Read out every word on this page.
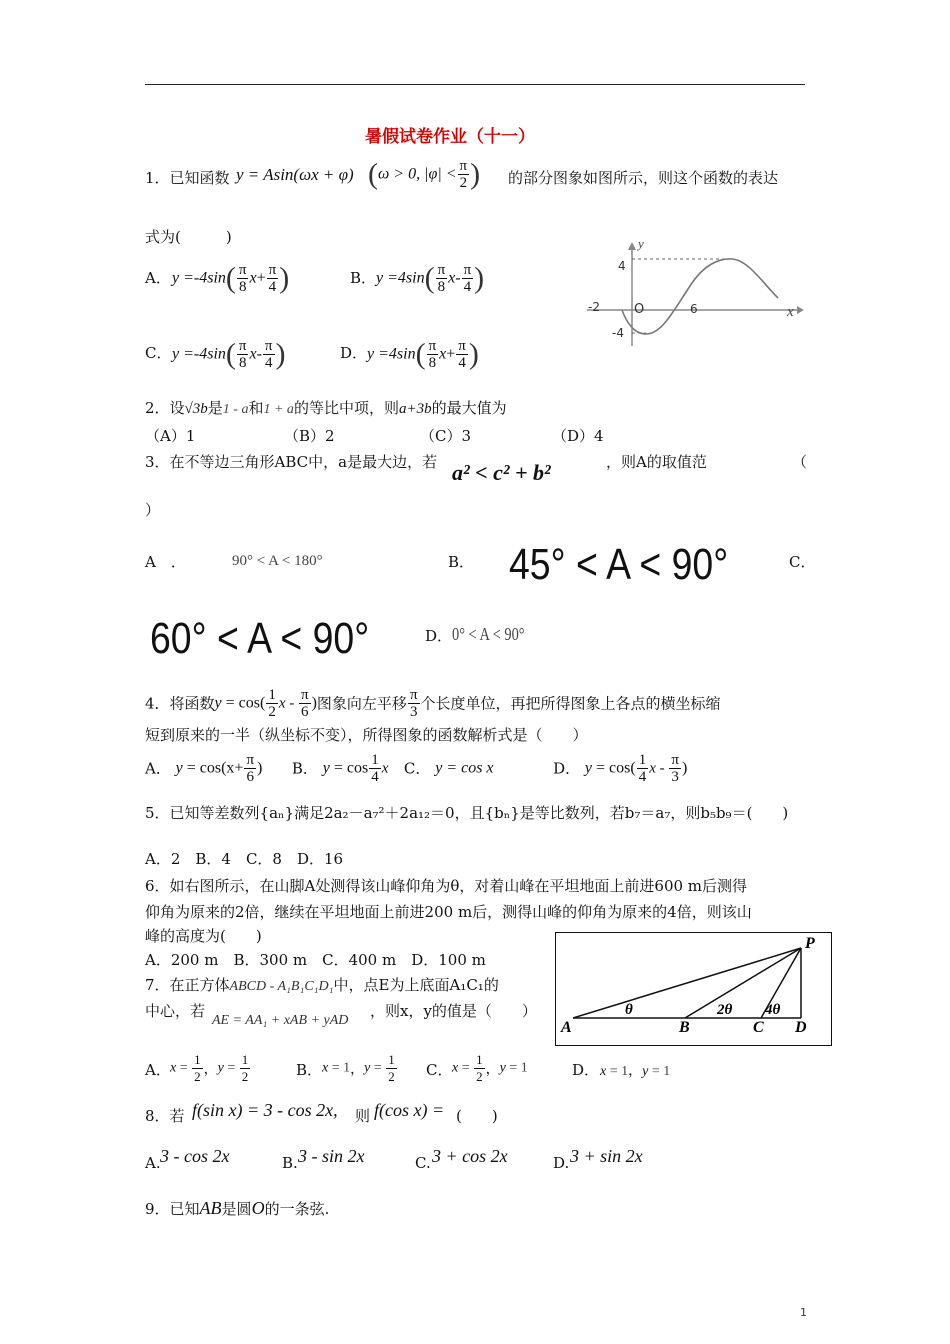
暑假试卷作业（十一）
1．已知函数 y = Asin(ωx + φ) (ω > 0, $|\varphi| < \frac{\pi}{2}$ ) 的部分图象如图所示，则这个函数的表达
式为(　　　)
A． $y =-4\sin( \frac{\pi}{8} x+ \frac{\pi}{4}$ )	B． $y =4\sin( \frac{\pi}{8} x- \frac{\pi}{4}$ )
C． $y =-4\sin( \frac{\pi}{8} x- \frac{\pi}{4}$ )	D． $y =4\sin( \frac{\pi}{8} x+ \frac{\pi}{4}$ )
y
x
4
-4
-2	O	6
2．设√3b是1 - a和1 + a的等比中项，则a+3b的最大值为
（A）1	（B）2	（C）3	（D）4
3．在不等边三角形ABC中，a是最大边，若 a² < c² + b²	，则A的取值范	（
）
A　．	90° < A < 180°	B． 45° < A < 90°	C．
60° < A < 90°	D． 0° < A < 90°
4．将函数$y = \cos( \frac{1}{2}$ x - $\frac{\pi}{6}$ )图象向左平移 $\frac{\pi}{3}$ 个长度单位，再把所得图象上各点的横坐标缩
短到原来的一半（纵坐标不变），所得图象的函数解析式是（　　）
A． $y = \cos(x+ \frac{\pi}{6}$ ) B． $y = \cos \frac{1}{4}$ x C． y = cos x	D． $y = \cos( \frac{1}{4}$ x - $\frac{\pi}{3}$ )
5．已知等差数列{aₙ}满足2a₂－a₇²＋2a₁₂＝0，且{bₙ}是等比数列，若b₇＝a₇，则b₅b₉＝(　　)
A．2　B．4　C．8　D．16
6．如右图所示，在山脚A处测得该山峰仰角为θ，对着山峰在平坦地面上前进600 m后测得
仰角为原来的2倍，继续在平坦地面上前进200 m后，测得山峰的仰角为原来的4倍，则该山
峰的高度为(　　)
A．200 m　B．300 m　C．400 m　D．100 m
P
A	B	C D
θ	2θ 4θ
7．在正方体ABCD - A₁B₁C₁D₁中，点E为上底面A₁C₁的
中心，若
AE = AA₁ + xAB + yAD
，则x，y的值是（　　）
A． $x = \frac{1}{2}$ ，$y = \frac{1}{2}$	B． x = 1，$y = \frac{1}{2}$ C． $x = \frac{1}{2}$ ，y = 1	D． x = 1，y = 1
8．若 f(sin x) = 3 - cos 2x, 则 f(cos x) = (　　)
A. 3 - cos 2x	B. 3 - sin 2x	C. 3 + cos 2x	D. 3 + sin 2x
9．已知AB是圆O的一条弦.
1
